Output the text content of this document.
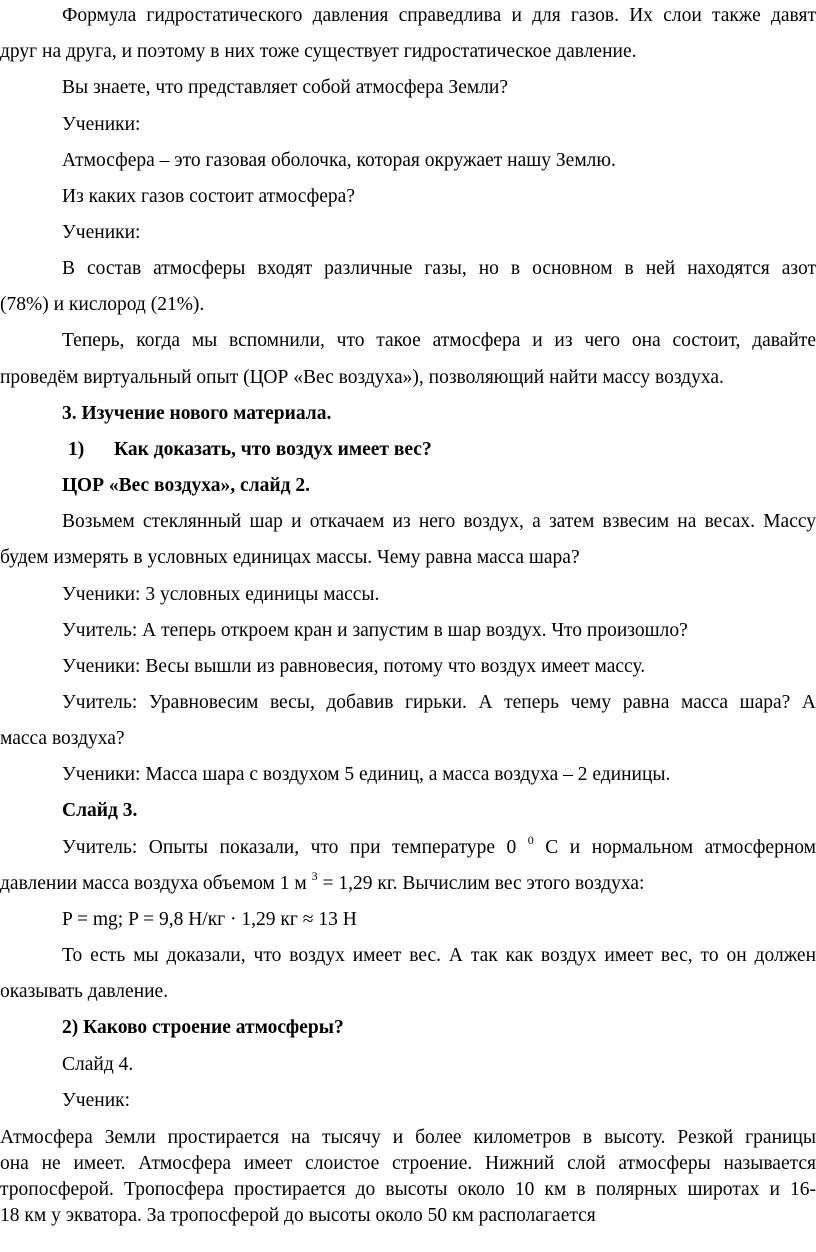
Формула гидростатического давления справедлива и для газов. Их слои также давят
друг на друга, и поэтому в них тоже существует гидростатическое давление.
Вы знаете, что представляет собой атмосфера Земли?
Ученики:
Атмосфера – это газовая оболочка, которая окружает нашу Землю.
Из каких газов состоит атмосфера?
Ученики:
В состав атмосферы входят различные газы, но в основном в ней находятся азот
(78%) и кислород (21%).
Теперь, когда мы вспомнили, что такое атмосфера и из чего она состоит, давайте
проведём виртуальный опыт (ЦОР «Вес воздуха»), позволяющий найти массу воздуха.
3. Изучение нового материала.
1) Как доказать, что воздух имеет вес?
ЦОР «Вес воздуха», слайд 2.
Возьмем стеклянный шар и откачаем из него воздух, а затем взвесим на весах. Массу
будем измерять в условных единицах массы. Чему равна масса шара?
Ученики: 3 условных единицы массы.
Учитель: А теперь откроем кран и запустим в шар воздух. Что произошло?
Ученики: Весы вышли из равновесия, потому что воздух имеет массу.
Учитель: Уравновесим весы, добавив гирьки. А теперь чему равна масса шара? А
масса воздуха?
Ученики: Масса шара с воздухом 5 единиц, а масса воздуха – 2 единицы.
Слайд 3.
Учитель: Опыты показали, что при температуре 0 $^0$ С и нормальном атмосферном
давлении масса воздуха объемом 1 м $^3$ = 1,29 кг. Вычислим вес этого воздуха:
P = mg; P = 9,8 Н/кг · 1,29 кг ≈ 13 Н
То есть мы доказали, что воздух имеет вес. А так как воздух имеет вес, то он должен
оказывать давление.
2) Каково строение атмосферы?
Слайд 4.
Ученик:
Атмосфера Земли простирается на тысячу и более километров в высоту. Резкой границы
она не имеет. Атмосфера имеет слоистое строение. Нижний слой атмосферы называется
тропосферой. Тропосфера простирается до высоты около 10 км в полярных широтах и 16-
18 км у экватора. За тропосферой до высоты около 50 км располагается
